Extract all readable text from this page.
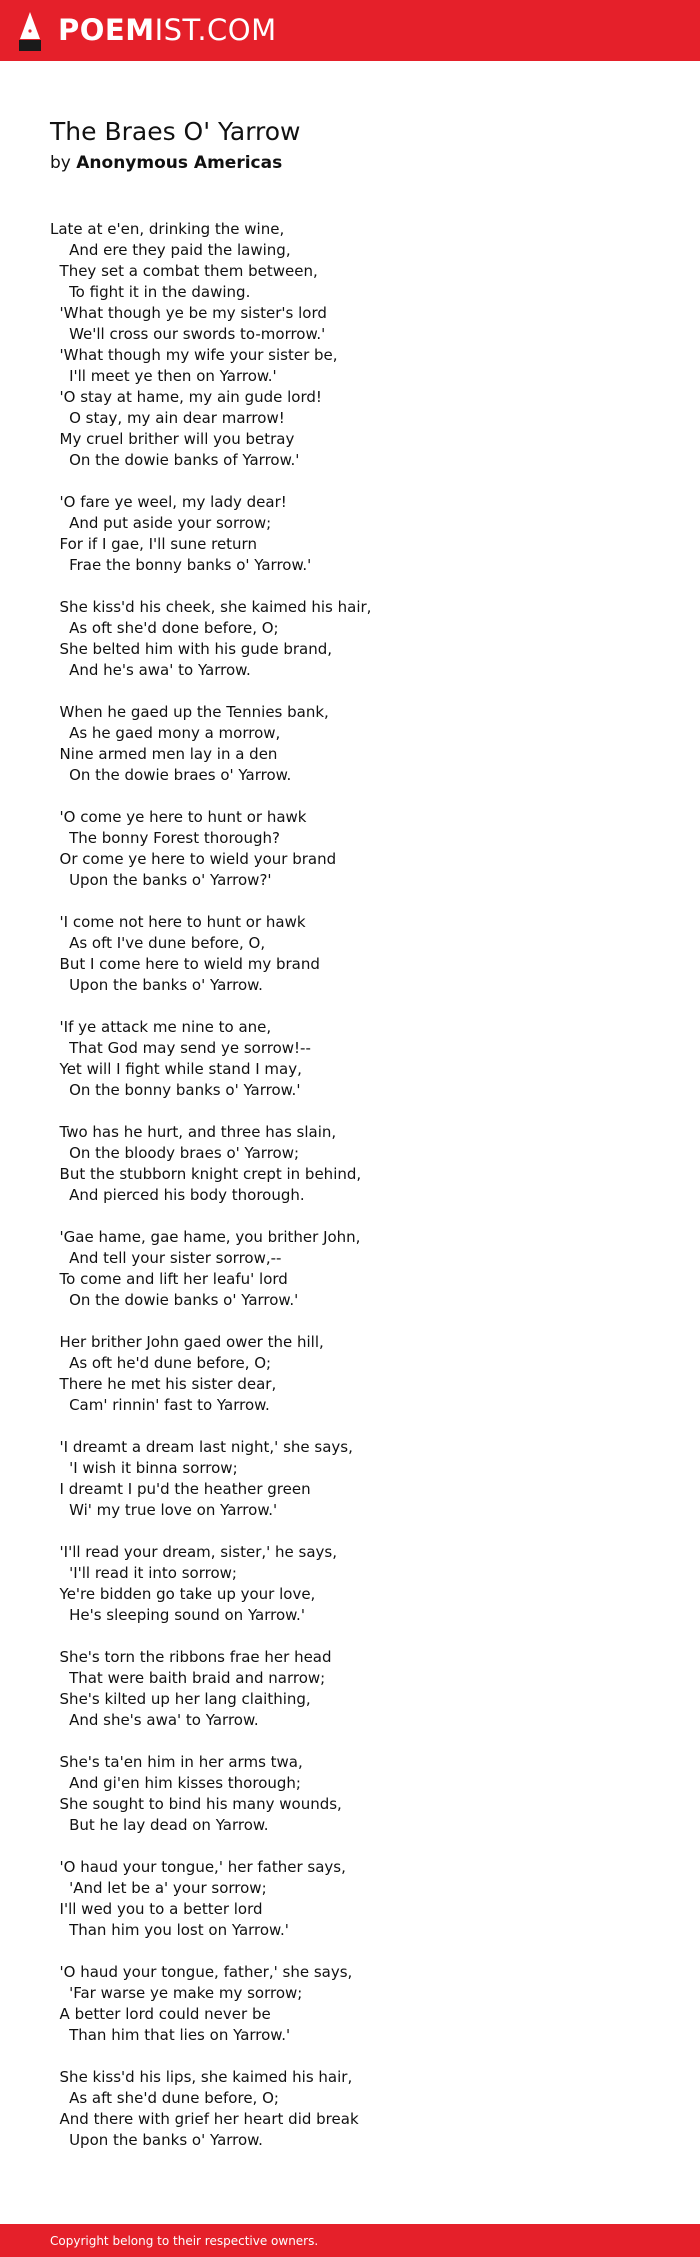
POEMIST.COM
The Braes O' Yarrow
by Anonymous Americas
Late at e'en, drinking the wine,
And ere they paid the lawing,
They set a combat them between,
To fight it in the dawing.
'What though ye be my sister's lord
We'll cross our swords to-morrow.'
'What though my wife your sister be,
I'll meet ye then on Yarrow.'
'O stay at hame, my ain gude lord!
O stay, my ain dear marrow!
My cruel brither will you betray
On the dowie banks of Yarrow.'
'O fare ye weel, my lady dear!
And put aside your sorrow;
For if I gae, I'll sune return
Frae the bonny banks o' Yarrow.'
She kiss'd his cheek, she kaimed his hair,
As oft she'd done before, O;
She belted him with his gude brand,
And he's awa' to Yarrow.
When he gaed up the Tennies bank,
As he gaed mony a morrow,
Nine armed men lay in a den
On the dowie braes o' Yarrow.
'O come ye here to hunt or hawk
The bonny Forest thorough?
Or come ye here to wield your brand
Upon the banks o' Yarrow?'
'I come not here to hunt or hawk
As oft I've dune before, O,
But I come here to wield my brand
Upon the banks o' Yarrow.
'If ye attack me nine to ane,
That God may send ye sorrow!--
Yet will I fight while stand I may,
On the bonny banks o' Yarrow.'
Two has he hurt, and three has slain,
On the bloody braes o' Yarrow;
But the stubborn knight crept in behind,
And pierced his body thorough.
'Gae hame, gae hame, you brither John,
And tell your sister sorrow,--
To come and lift her leafu' lord
On the dowie banks o' Yarrow.'
Her brither John gaed ower the hill,
As oft he'd dune before, O;
There he met his sister dear,
Cam' rinnin' fast to Yarrow.
'I dreamt a dream last night,' she says,
'I wish it binna sorrow;
I dreamt I pu'd the heather green
Wi' my true love on Yarrow.'
'I'll read your dream, sister,' he says,
'I'll read it into sorrow;
Ye're bidden go take up your love,
He's sleeping sound on Yarrow.'
She's torn the ribbons frae her head
That were baith braid and narrow;
She's kilted up her lang claithing,
And she's awa' to Yarrow.
She's ta'en him in her arms twa,
And gi'en him kisses thorough;
She sought to bind his many wounds,
But he lay dead on Yarrow.
'O haud your tongue,' her father says,
'And let be a' your sorrow;
I'll wed you to a better lord
Than him you lost on Yarrow.'
'O haud your tongue, father,' she says,
'Far warse ye make my sorrow;
A better lord could never be
Than him that lies on Yarrow.'
She kiss'd his lips, she kaimed his hair,
As aft she'd dune before, O;
And there with grief her heart did break
Upon the banks o' Yarrow.
Copyright belong to their respective owners.
